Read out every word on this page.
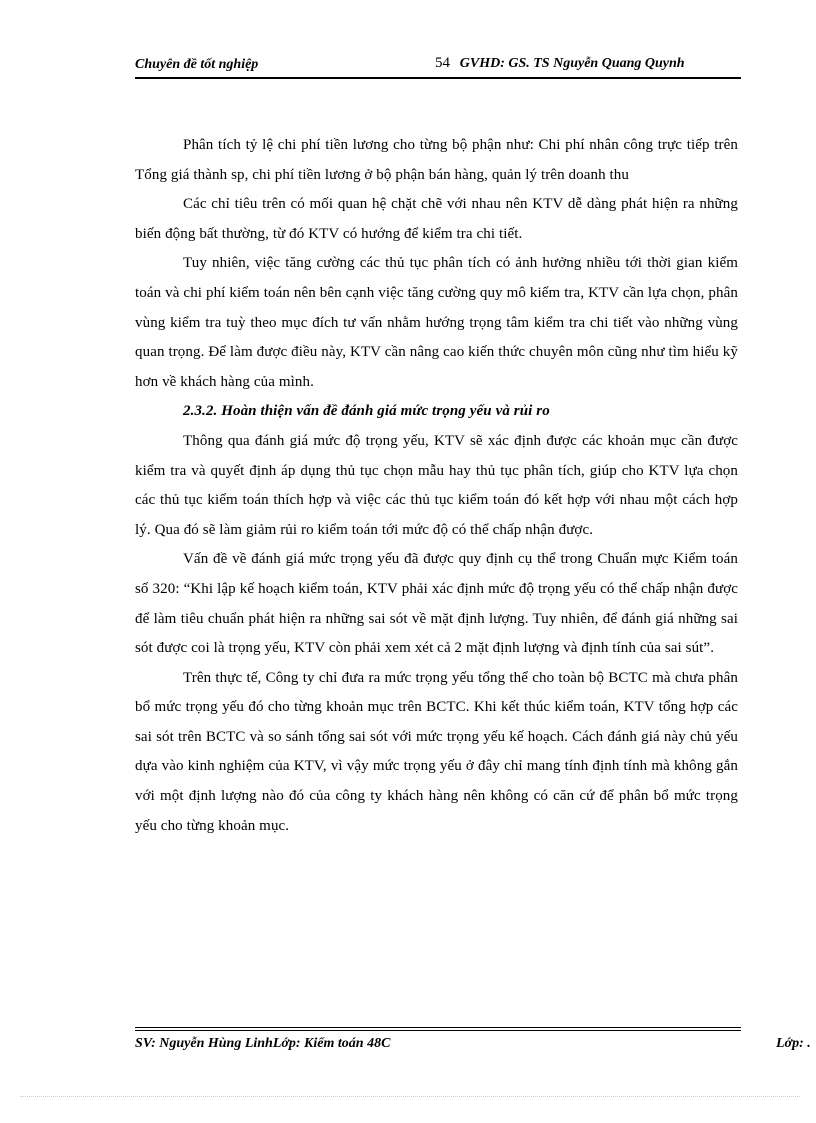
Chuyên đề tốt nghiệp	54 GVHD: GS. TS Nguyễn Quang Quynh

Phân tích tỷ lệ chi phí tiền lương cho từng bộ phận như: Chi phí nhân công trực tiếp trên Tổng giá thành sp, chi phí tiền lương ở bộ phận bán hàng, quản lý trên doanh thu

Các chỉ tiêu trên có mối quan hệ chặt chẽ với nhau nên KTV dễ dàng phát hiện ra những biến động bất thường, từ đó KTV có hướng để kiểm tra chi tiết.

Tuy nhiên, việc tăng cường các thủ tục phân tích có ảnh hưởng nhiều tới thời gian kiểm toán và chi phí kiểm toán nên bên cạnh việc tăng cường quy mô kiểm tra, KTV cần lựa chọn, phân vùng kiểm tra tuỳ theo mục đích tư vấn nhằm hướng trọng tâm kiểm tra chi tiết vào những vùng quan trọng. Để làm được điều này, KTV cần nâng cao kiến thức chuyên môn cũng như tìm hiểu kỹ hơn về khách hàng của mình.

2.3.2. Hoàn thiện vấn đề đánh giá mức trọng yếu và rủi ro

Thông qua đánh giá mức độ trọng yếu, KTV sẽ xác định được các khoản mục cần được kiểm tra và quyết định áp dụng thủ tục chọn mẫu hay thủ tục phân tích, giúp cho KTV lựa chọn các thủ tục kiểm toán thích hợp và việc các thủ tục kiểm toán đó kết hợp với nhau một cách hợp lý. Qua đó sẽ làm giảm rủi ro kiểm toán tới mức độ có thể chấp nhận được.

Vấn đề về đánh giá mức trọng yếu đã được quy định cụ thể trong Chuẩn mực Kiểm toán số 320: “Khi lập kế hoạch kiểm toán, KTV phải xác định mức độ trọng yếu có thể chấp nhận được để làm tiêu chuẩn phát hiện ra những sai sót về mặt định lượng. Tuy nhiên, để đánh giá những sai sót được coi là trọng yếu, KTV còn phải xem xét cả 2 mặt định lượng và định tính của sai sút”.

Trên thực tế, Công ty chỉ đưa ra mức trọng yếu tổng thể cho toàn bộ BCTC mà chưa phân bổ mức trọng yếu đó cho từng khoản mục trên BCTC. Khi kết thúc kiểm toán, KTV tổng hợp các sai sót trên BCTC và so sánh tổng sai sót với mức trọng yếu kế hoạch. Cách đánh giá này chủ yếu dựa vào kinh nghiệm của KTV, vì vậy mức trọng yếu ở đây chỉ mang tính định tính mà không gắn với một định lượng nào đó của công ty khách hàng nên không có căn cứ để phân bổ mức trọng yếu cho từng khoản mục.

SV: Nguyễn Hùng LinhLớp: Kiểm toán 48C	Lớp: .
